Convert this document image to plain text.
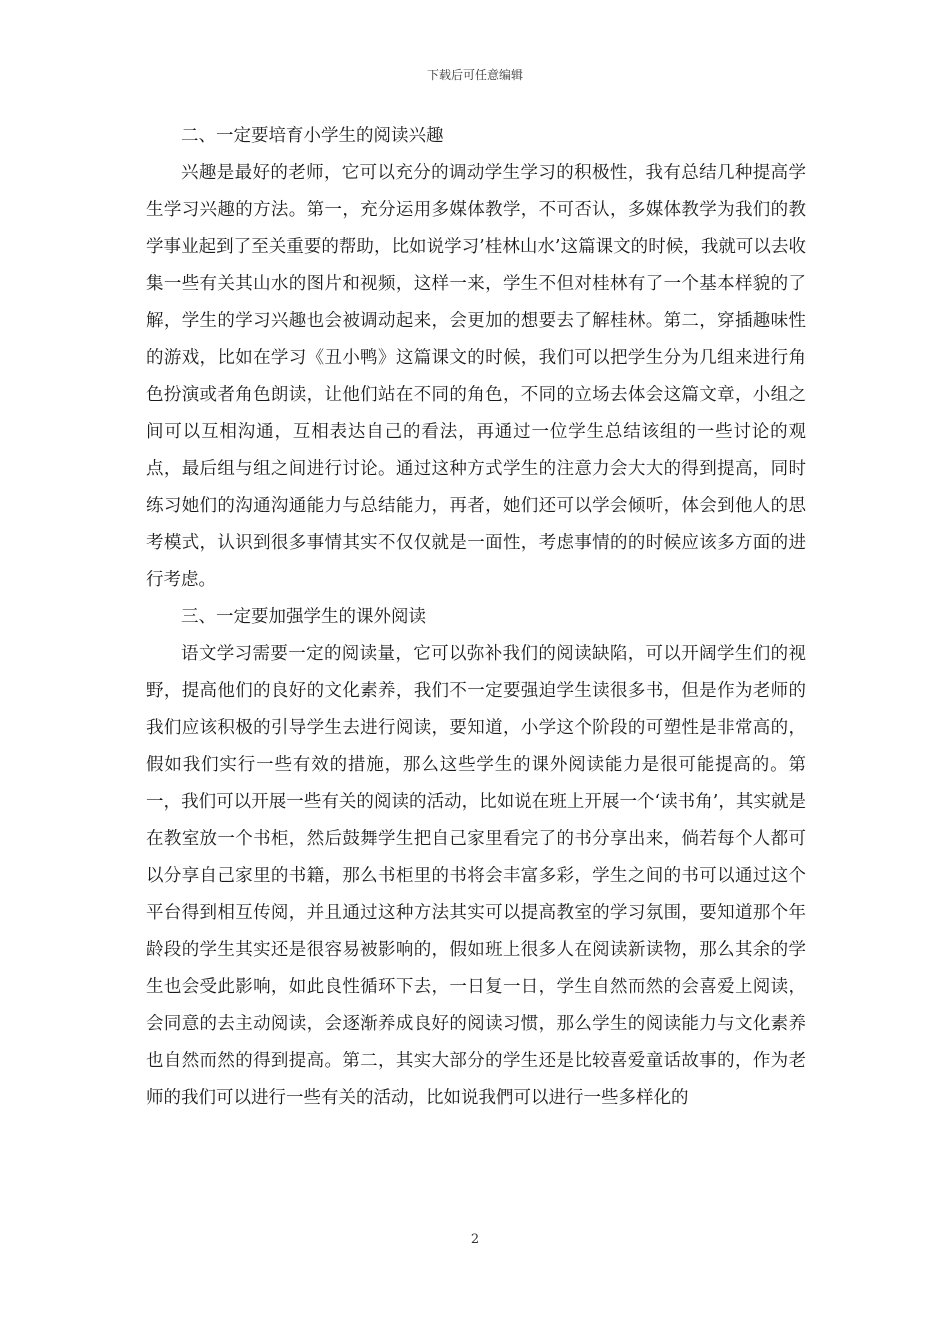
下载后可任意编辑

二、一定要培育小学生的阅读兴趣

兴趣是最好的老师，它可以充分的调动学生学习的积极性，我有总结几种提高学生学习兴趣的方法。第一，充分运用多媒体教学，不可否认，多媒体教学为我们的教学事业起到了至关重要的帮助，比如说学习’桂林山水’这篇课文的时候，我就可以去收集一些有关其山水的图片和视频，这样一来，学生不但对桂林有了一个基本样貌的了解，学生的学习兴趣也会被调动起来，会更加的想要去了解桂林。第二，穿插趣味性的游戏，比如在学习《丑小鸭》这篇课文的时候，我们可以把学生分为几组来进行角色扮演或者角色朗读，让他们站在不同的角色，不同的立场去体会这篇文章，小组之间可以互相沟通，互相表达自己的看法，再通过一位学生总结该组的一些讨论的观点，最后组与组之间进行讨论。通过这种方式学生的注意力会大大的得到提高，同时练习她们的沟通沟通能力与总结能力，再者，她们还可以学会倾听，体会到他人的思考模式，认识到很多事情其实不仅仅就是一面性，考虑事情的的时候应该多方面的进行考虑。

三、一定要加强学生的课外阅读

语文学习需要一定的阅读量，它可以弥补我们的阅读缺陷，可以开阔学生们的视野，提高他们的良好的文化素养，我们不一定要强迫学生读很多书，但是作为老师的我们应该积极的引导学生去进行阅读，要知道，小学这个阶段的可塑性是非常高的，假如我们实行一些有效的措施，那么这些学生的课外阅读能力是很可能提高的。第一，我们可以开展一些有关的阅读的活动，比如说在班上开展一个‘读书角’，其实就是在教室放一个书柜，然后鼓舞学生把自己家里看完了的书分享出来，倘若每个人都可以分享自己家里的书籍，那么书柜里的书将会丰富多彩，学生之间的书可以通过这个平台得到相互传阅，并且通过这种方法其实可以提高教室的学习氛围，要知道那个年龄段的学生其实还是很容易被影响的，假如班上很多人在阅读新读物，那么其余的学生也会受此影响，如此良性循环下去，一日复一日，学生自然而然的会喜爱上阅读，会同意的去主动阅读，会逐渐养成良好的阅读习惯，那么学生的阅读能力与文化素养也自然而然的得到提高。第二，其实大部分的学生还是比较喜爱童话故事的，作为老师的我们可以进行一些有关的活动，比如说我們可以进行一些多样化的

2
